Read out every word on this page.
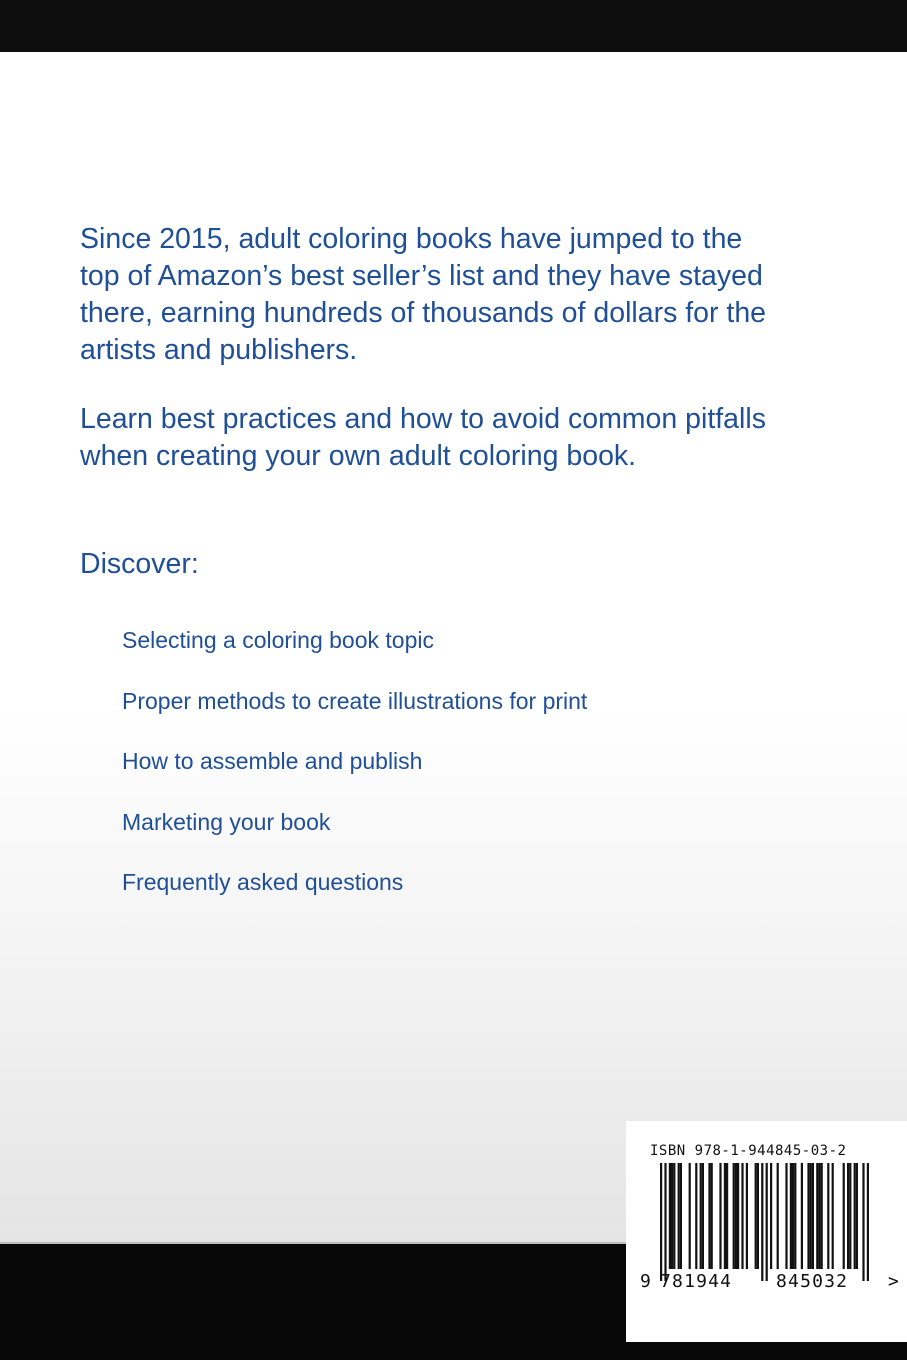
Since 2015, adult coloring books have jumped to the top of Amazon’s best seller’s list and they have stayed there, earning hundreds of thousands of dollars for the artists and publishers.

Learn best practices and how to avoid common pitfalls when creating your own adult coloring book.

Discover:

Selecting a coloring book topic
Proper methods to create illustrations for print
How to assemble and publish
Marketing your book
Frequently asked questions
ISBN 978-1-944845-03-2
9 781944 845032 >
